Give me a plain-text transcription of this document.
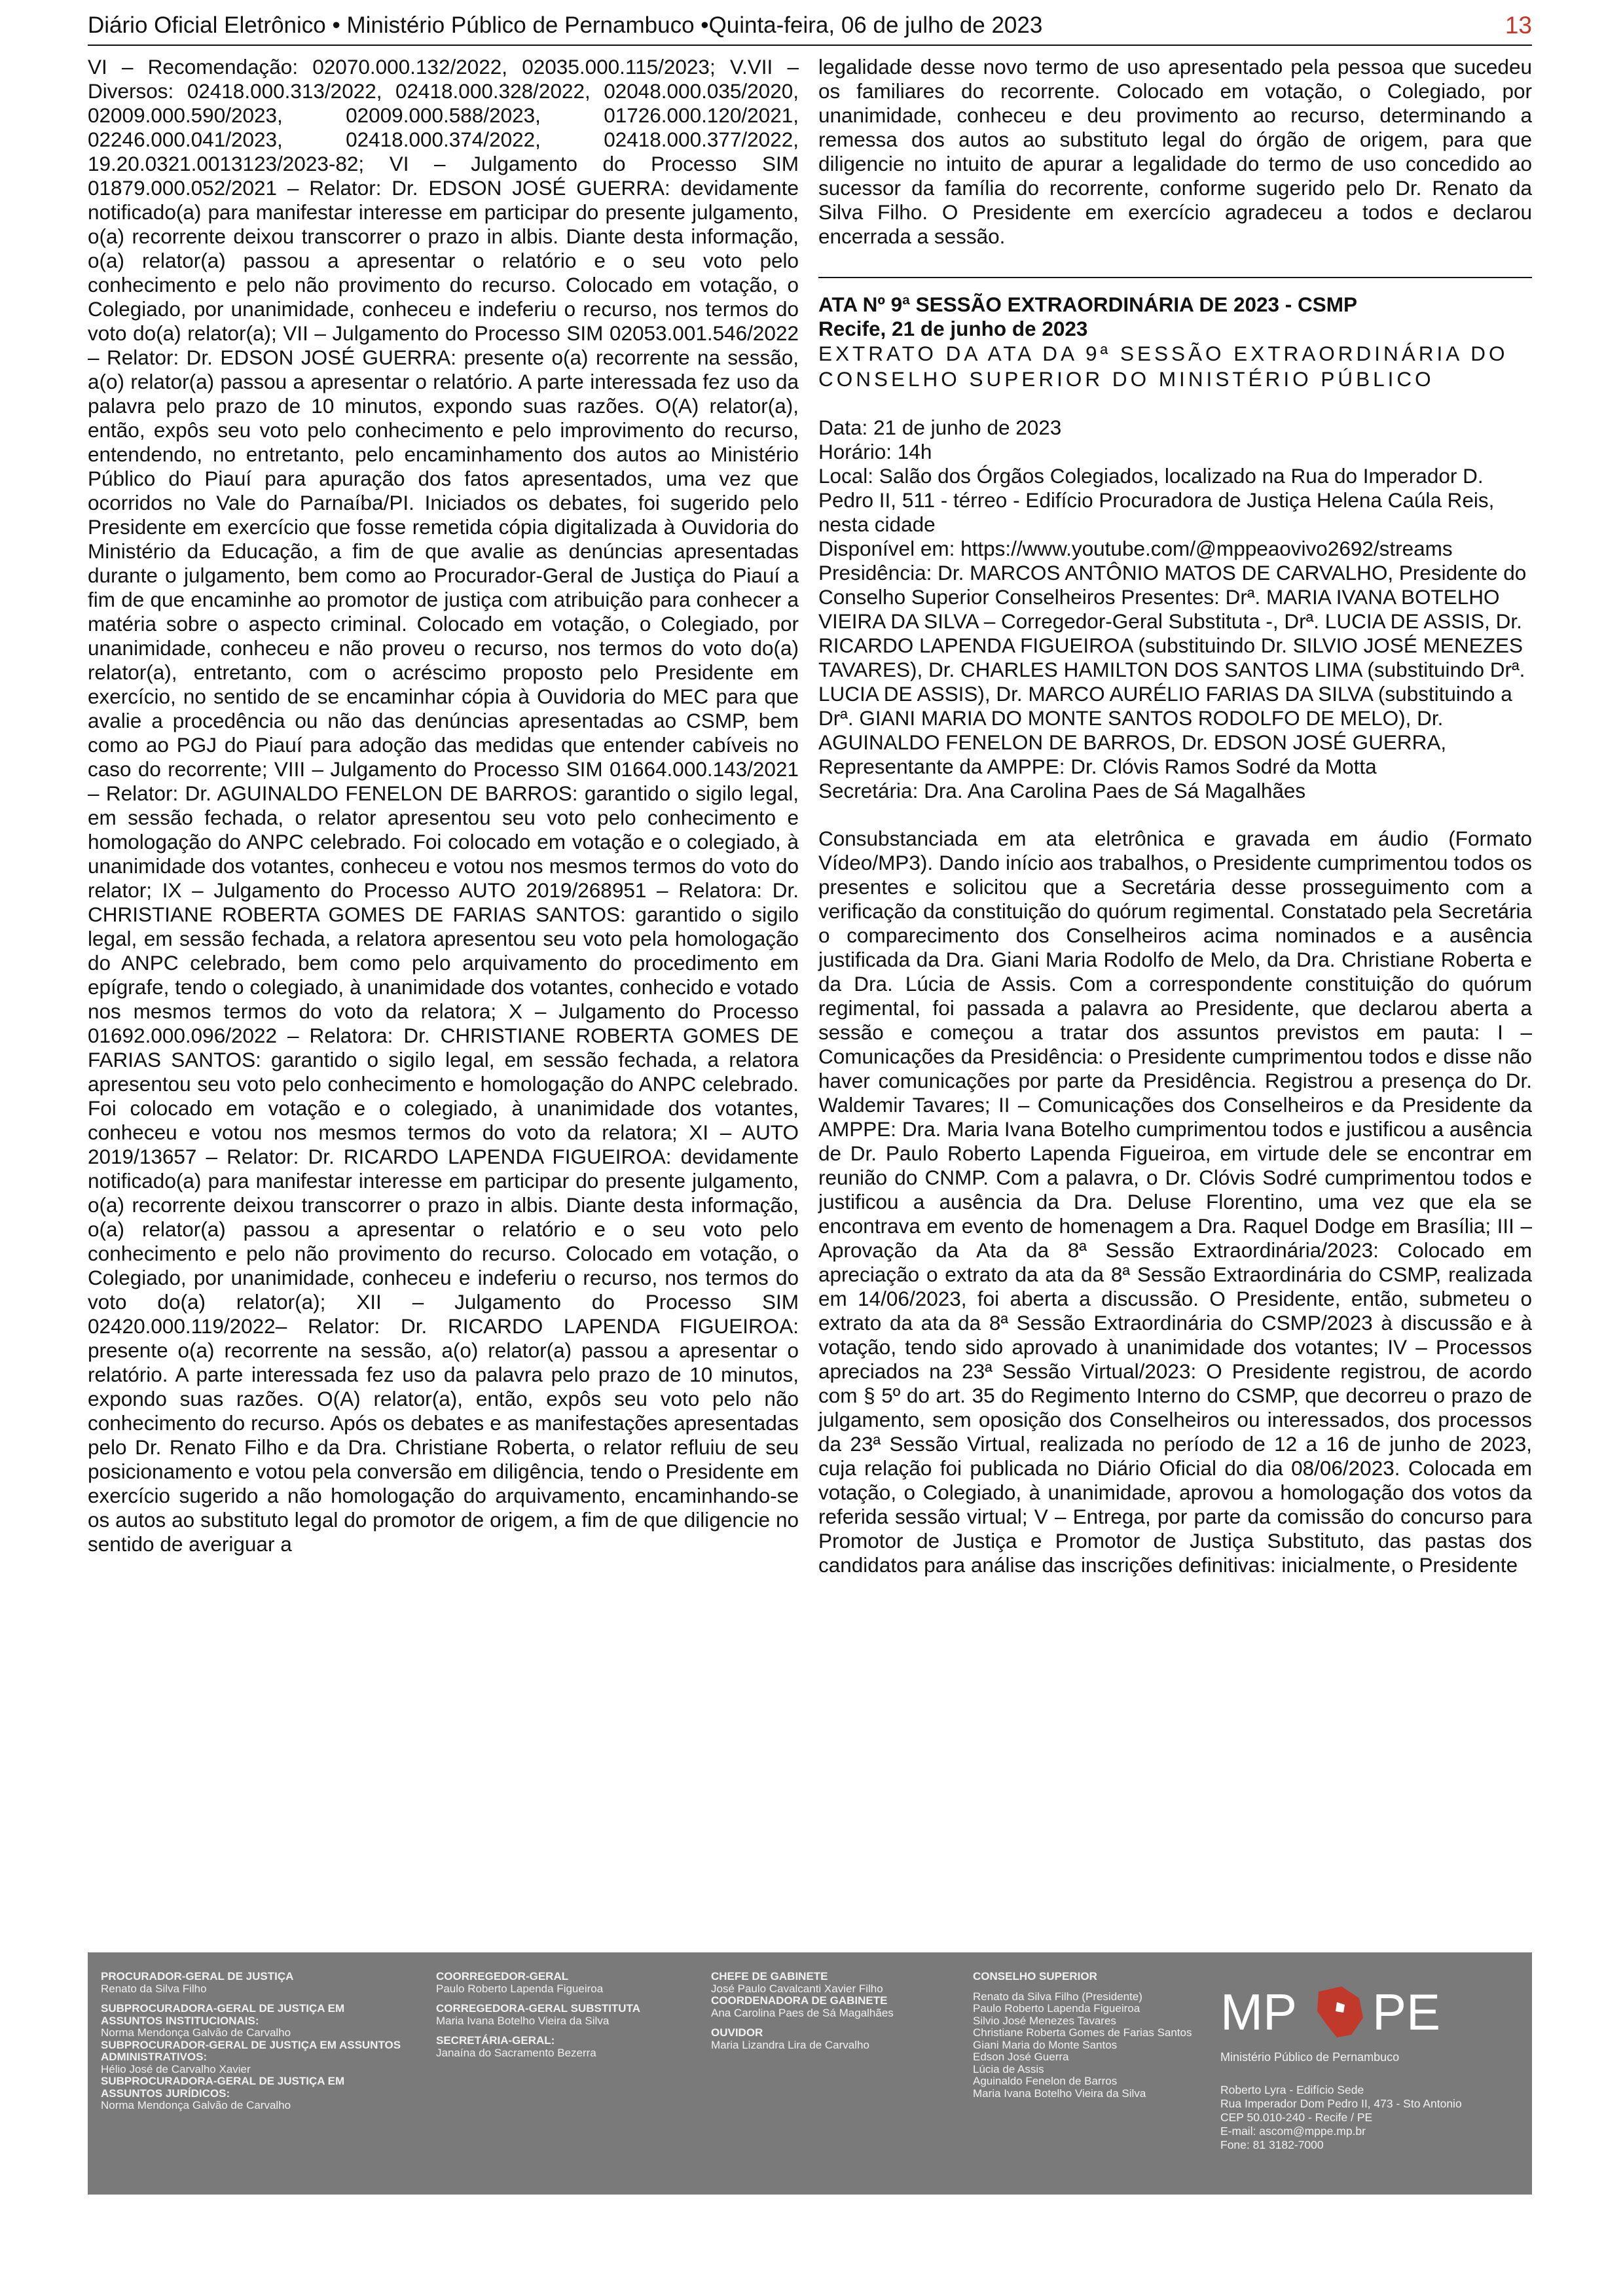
Diário Oficial Eletrônico • Ministério Público de Pernambuco •Quinta-feira, 06 de julho de 2023	13

VI – Recomendação: 02070.000.132/2022, 02035.000.115/2023; V.VII – Diversos: 02418.000.313/2022, 02418.000.328/2022, 02048.000.035/2020, 02009.000.590/2023, 02009.000.588/2023, 01726.000.120/2021, 02246.000.041/2023, 02418.000.374/2022, 02418.000.377/2022, 19.20.0321.0013123/2023-82; VI – Julgamento do Processo SIM 01879.000.052/2021 – Relator: Dr. EDSON JOSÉ GUERRA: devidamente notificado(a) para manifestar interesse em participar do presente julgamento, o(a) recorrente deixou transcorrer o prazo in albis. Diante desta informação, o(a) relator(a) passou a apresentar o relatório e o seu voto pelo conhecimento e pelo não provimento do recurso. Colocado em votação, o Colegiado, por unanimidade, conheceu e indeferiu o recurso, nos termos do voto do(a) relator(a); VII – Julgamento do Processo SIM 02053.001.546/2022 – Relator: Dr. EDSON JOSÉ GUERRA: presente o(a) recorrente na sessão, a(o) relator(a) passou a apresentar o relatório. A parte interessada fez uso da palavra pelo prazo de 10 minutos, expondo suas razões. O(A) relator(a), então, expôs seu voto pelo conhecimento e pelo improvimento do recurso, entendendo, no entretanto, pelo encaminhamento dos autos ao Ministério Público do Piauí para apuração dos fatos apresentados, uma vez que ocorridos no Vale do Parnaíba/PI. Iniciados os debates, foi sugerido pelo Presidente em exercício que fosse remetida cópia digitalizada à Ouvidoria do Ministério da Educação, a fim de que avalie as denúncias apresentadas durante o julgamento, bem como ao Procurador-Geral de Justiça do Piauí a fim de que encaminhe ao promotor de justiça com atribuição para conhecer a matéria sobre o aspecto criminal. Colocado em votação, o Colegiado, por unanimidade, conheceu e não proveu o recurso, nos termos do voto do(a) relator(a), entretanto, com o acréscimo proposto pelo Presidente em exercício, no sentido de se encaminhar cópia à Ouvidoria do MEC para que avalie a procedência ou não das denúncias apresentadas ao CSMP, bem como ao PGJ do Piauí para adoção das medidas que entender cabíveis no caso do recorrente; VIII – Julgamento do Processo SIM 01664.000.143/2021 – Relator: Dr. AGUINALDO FENELON DE BARROS: garantido o sigilo legal, em sessão fechada, o relator apresentou seu voto pelo conhecimento e homologação do ANPC celebrado. Foi colocado em votação e o colegiado, à unanimidade dos votantes, conheceu e votou nos mesmos termos do voto do relator; IX – Julgamento do Processo AUTO 2019/268951 – Relatora: Dr. CHRISTIANE ROBERTA GOMES DE FARIAS SANTOS: garantido o sigilo legal, em sessão fechada, a relatora apresentou seu voto pela homologação do ANPC celebrado, bem como pelo arquivamento do procedimento em epígrafe, tendo o colegiado, à unanimidade dos votantes, conhecido e votado nos mesmos termos do voto da relatora; X – Julgamento do Processo 01692.000.096/2022 – Relatora: Dr. CHRISTIANE ROBERTA GOMES DE FARIAS SANTOS: garantido o sigilo legal, em sessão fechada, a relatora apresentou seu voto pelo conhecimento e homologação do ANPC celebrado. Foi colocado em votação e o colegiado, à unanimidade dos votantes, conheceu e votou nos mesmos termos do voto da relatora; XI – AUTO 2019/13657 – Relator: Dr. RICARDO LAPENDA FIGUEIROA: devidamente notificado(a) para manifestar interesse em participar do presente julgamento, o(a) recorrente deixou transcorrer o prazo in albis. Diante desta informação, o(a) relator(a) passou a apresentar o relatório e o seu voto pelo conhecimento e pelo não provimento do recurso. Colocado em votação, o Colegiado, por unanimidade, conheceu e indeferiu o recurso, nos termos do voto do(a) relator(a); XII – Julgamento do Processo SIM 02420.000.119/2022– Relator: Dr. RICARDO LAPENDA FIGUEIROA: presente o(a) recorrente na sessão, a(o) relator(a) passou a apresentar o relatório. A parte interessada fez uso da palavra pelo prazo de 10 minutos, expondo suas razões. O(A) relator(a), então, expôs seu voto pelo não conhecimento do recurso. Após os debates e as manifestações apresentadas pelo Dr. Renato Filho e da Dra. Christiane Roberta, o relator refluiu de seu posicionamento e votou pela conversão em diligência, tendo o Presidente em exercício sugerido a não homologação do arquivamento, encaminhando-se os autos ao substituto legal do promotor de origem, a fim de que diligencie no sentido de averiguar a

legalidade desse novo termo de uso apresentado pela pessoa que sucedeu os familiares do recorrente. Colocado em votação, o Colegiado, por unanimidade, conheceu e deu provimento ao recurso, determinando a remessa dos autos ao substituto legal do órgão de origem, para que diligencie no intuito de apurar a legalidade do termo de uso concedido ao sucessor da família do recorrente, conforme sugerido pelo Dr. Renato da Silva Filho. O Presidente em exercício agradeceu a todos e declarou encerrada a sessão.

ATA Nº 9ª SESSÃO EXTRAORDINÁRIA DE 2023 - CSMP

Recife, 21 de junho de 2023

EXTRATO DA ATA DA 9ª SESSÃO EXTRAORDINÁRIA DO CONSELHO SUPERIOR DO MINISTÉRIO PÚBLICO

Data: 21 de junho de 2023
Horário: 14h
Local: Salão dos Órgãos Colegiados, localizado na Rua do Imperador D. Pedro II, 511 - térreo - Edifício Procuradora de Justiça Helena Caúla Reis, nesta cidade
Disponível em: https://www.youtube.com/@mppeaovivo2692/streams
Presidência: Dr. MARCOS ANTÔNIO MATOS DE CARVALHO, Presidente do Conselho Superior Conselheiros Presentes: Drª. MARIA IVANA BOTELHO VIEIRA DA SILVA – Corregedor-Geral Substituta -, Drª. LUCIA DE ASSIS, Dr. RICARDO LAPENDA FIGUEIROA (substituindo Dr. SILVIO JOSÉ MENEZES TAVARES), Dr. CHARLES HAMILTON DOS SANTOS LIMA (substituindo Drª. LUCIA DE ASSIS), Dr. MARCO AURÉLIO FARIAS DA SILVA (substituindo a Drª. GIANI MARIA DO MONTE SANTOS RODOLFO DE MELO), Dr. AGUINALDO FENELON DE BARROS, Dr. EDSON JOSÉ GUERRA,
Representante da AMPPE: Dr. Clóvis Ramos Sodré da Motta
Secretária: Dra. Ana Carolina Paes de Sá Magalhães

Consubstanciada em ata eletrônica e gravada em áudio (Formato Vídeo/MP3). Dando início aos trabalhos, o Presidente cumprimentou todos os presentes e solicitou que a Secretária desse prosseguimento com a verificação da constituição do quórum regimental. Constatado pela Secretária o comparecimento dos Conselheiros acima nominados e a ausência justificada da Dra. Giani Maria Rodolfo de Melo, da Dra. Christiane Roberta e da Dra. Lúcia de Assis. Com a correspondente constituição do quórum regimental, foi passada a palavra ao Presidente, que declarou aberta a sessão e começou a tratar dos assuntos previstos em pauta: I – Comunicações da Presidência: o Presidente cumprimentou todos e disse não haver comunicações por parte da Presidência. Registrou a presença do Dr. Waldemir Tavares; II – Comunicações dos Conselheiros e da Presidente da AMPPE: Dra. Maria Ivana Botelho cumprimentou todos e justificou a ausência de Dr. Paulo Roberto Lapenda Figueiroa, em virtude dele se encontrar em reunião do CNMP. Com a palavra, o Dr. Clóvis Sodré cumprimentou todos e justificou a ausência da Dra. Deluse Florentino, uma vez que ela se encontrava em evento de homenagem a Dra. Raquel Dodge em Brasília; III – Aprovação da Ata da 8ª Sessão Extraordinária/2023: Colocado em apreciação o extrato da ata da 8ª Sessão Extraordinária do CSMP, realizada em 14/06/2023, foi aberta a discussão. O Presidente, então, submeteu o extrato da ata da 8ª Sessão Extraordinária do CSMP/2023 à discussão e à votação, tendo sido aprovado à unanimidade dos votantes; IV – Processos apreciados na 23ª Sessão Virtual/2023: O Presidente registrou, de acordo com § 5º do art. 35 do Regimento Interno do CSMP, que decorreu o prazo de julgamento, sem oposição dos Conselheiros ou interessados, dos processos da 23ª Sessão Virtual, realizada no período de 12 a 16 de junho de 2023, cuja relação foi publicada no Diário Oficial do dia 08/06/2023. Colocada em votação, o Colegiado, à unanimidade, aprovou a homologação dos votos da referida sessão virtual; V – Entrega, por parte da comissão do concurso para Promotor de Justiça e Promotor de Justiça Substituto, das pastas dos candidatos para análise das inscrições definitivas: inicialmente, o Presidente

PROCURADOR-GERAL DE JUSTIÇA
Renato da Silva Filho
SUBPROCURADORA-GERAL DE JUSTIÇA EM ASSUNTOS INSTITUCIONAIS:
Norma Mendonça Galvão de Carvalho
SUBPROCURADOR-GERAL DE JUSTIÇA EM ASSUNTOS ADMINISTRATIVOS:
Hélio José de Carvalho Xavier
SUBPROCURADORA-GERAL DE JUSTIÇA EM ASSUNTOS JURÍDICOS:
Norma Mendonça Galvão de Carvalho
COORREGEDOR-GERAL
Paulo Roberto Lapenda Figueiroa
CORREGEDORA-GERAL SUBSTITUTA
Maria Ivana Botelho Vieira da Silva
SECRETÁRIA-GERAL:
Janaína do Sacramento Bezerra
CHEFE DE GABINETE
José Paulo Cavalcanti Xavier Filho
COORDENADORA DE GABINETE
Ana Carolina Paes de Sá Magalhães
OUVIDOR
Maria Lizandra Lira de Carvalho
CONSELHO SUPERIOR
Renato da Silva Filho (Presidente)
Paulo Roberto Lapenda Figueiroa
Silvio José Menezes Tavares
Christiane Roberta Gomes de Farias Santos
Giani Maria do Monte Santos
Edson José Guerra
Lúcia de Assis
Aguinaldo Fenelon de Barros
Maria Ivana Botelho Vieira da Silva
MP PE
Ministério Público de Pernambuco
Roberto Lyra - Edifício Sede
Rua Imperador Dom Pedro II, 473 - Sto Antonio
CEP 50.010-240 - Recife / PE
E-mail: ascom@mppe.mp.br
Fone: 81 3182-7000
